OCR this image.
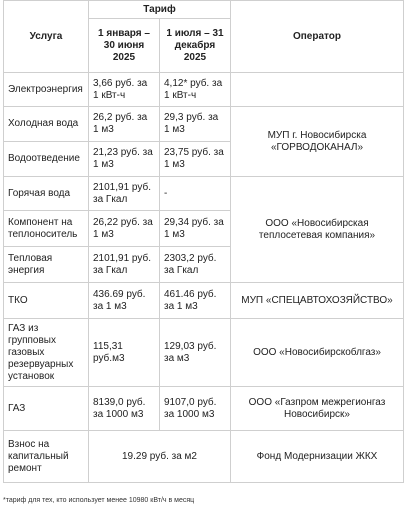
Услуга	Тариф		Оператор
	1 января – 30 июня 2025	1 июля – 31 декабря 2025	
Электроэнергия	3,66 руб. за 1 кВт-ч	4,12* руб. за 1 кВт-ч	
Холодная вода	26,2 руб. за 1 м3	29,3 руб. за 1 м3	МУП г. Новосибирска «ГОРВОДОКАНАЛ»
Водоотведение	21,23 руб. за 1 м3	23,75 руб. за 1 м3	
Горячая вода	2101,91 руб. за Гкал	-	ООО «Новосибирская теплосетевая компания»
Компонент на теплоноситель	26,22 руб. за 1 м3	29,34 руб. за 1 м3	
Тепловая энергия	2101,91 руб. за Гкал	2303,2 руб. за Гкал	
ТКО	436.69 руб. за 1 м3	461.46 руб. за 1 м3	МУП «СПЕЦАВТОХОЗЯЙСТВО»
ГАЗ из групповых газовых резервуарных установок	115,31 руб.м3	129,03 руб. за м3	ООО «Новосибирскоблгаз»
ГАЗ	8139,0 руб. за 1000 м3	9107,0 руб. за 1000 м3	ООО «Газпром межрегионгаз Новосибирск»
Взнос на капитальный ремонт	19.29 руб. за м2		Фонд Модернизации ЖКХ
*тариф для тех, кто использует менее 10980 кВт/ч в месяц
